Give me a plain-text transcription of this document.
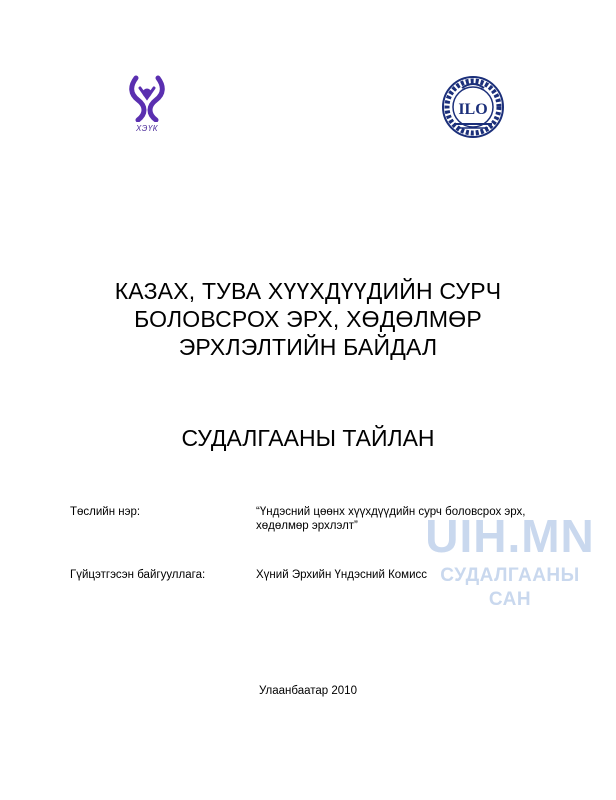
ХЭҮК
ILO
КАЗАХ, ТУВА ХҮҮХДҮҮДИЙН СУРЧ
БОЛОВСРОХ ЭРХ, ХӨДӨЛМӨР
ЭРХЛЭЛТИЙН БАЙДАЛ
СУДАЛГААНЫ ТАЙЛАН

Төслийн нэр:	“Үндэсний цөөнх хүүхдүүдийн сурч боловсрох эрх,
хөдөлмөр эрхлэлт”

Гүйцэтгэсэн байгууллага:	Хүний Эрхийн Үндэсний Комисс

UIH.MN
СУДАЛГААНЫ САН

Улаанбаатар 2010
